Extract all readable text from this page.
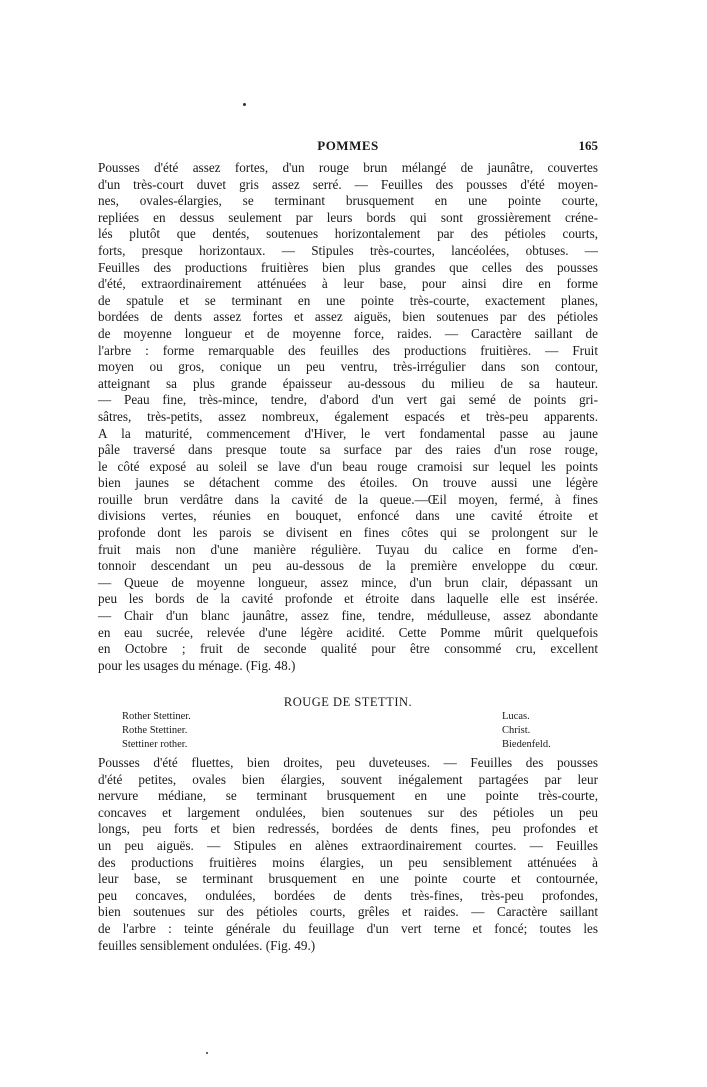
POMMES	165
Pousses d'été assez fortes, d'un rouge brun mélangé de jaunâtre, couvertes
d'un très-court duvet gris assez serré. — Feuilles des pousses d'été moyen-
nes, ovales-élargies, se terminant brusquement en une pointe courte,
repliées en dessus seulement par leurs bords qui sont grossièrement créne-
lés plutôt que dentés, soutenues horizontalement par des pétioles courts,
forts, presque horizontaux. — Stipules très-courtes, lancéolées, obtuses. —
Feuilles des productions fruitières bien plus grandes que celles des pousses
d'été, extraordinairement atténuées à leur base, pour ainsi dire en forme
de spatule et se terminant en une pointe très-courte, exactement planes,
bordées de dents assez fortes et assez aiguës, bien soutenues par des pétioles
de moyenne longueur et de moyenne force, raides. — Caractère saillant de
l'arbre : forme remarquable des feuilles des productions fruitières. — Fruit
moyen ou gros, conique un peu ventru, très-irrégulier dans son contour,
atteignant sa plus grande épaisseur au-dessous du milieu de sa hauteur.
— Peau fine, très-mince, tendre, d'abord d'un vert gai semé de points gri-
sâtres, très-petits, assez nombreux, également espacés et très-peu apparents.
A la maturité, commencement d'Hiver, le vert fondamental passe au jaune
pâle traversé dans presque toute sa surface par des raies d'un rose rouge,
le côté exposé au soleil se lave d'un beau rouge cramoisi sur lequel les points
bien jaunes se détachent comme des étoiles. On trouve aussi une légère
rouille brun verdâtre dans la cavité de la queue.—Œil moyen, fermé, à fines
divisions vertes, réunies en bouquet, enfoncé dans une cavité étroite et
profonde dont les parois se divisent en fines côtes qui se prolongent sur le
fruit mais non d'une manière régulière. Tuyau du calice en forme d'en-
tonnoir descendant un peu au-dessous de la première enveloppe du cœur.
— Queue de moyenne longueur, assez mince, d'un brun clair, dépassant un
peu les bords de la cavité profonde et étroite dans laquelle elle est insérée.
— Chair d'un blanc jaunâtre, assez fine, tendre, médulleuse, assez abondante
en eau sucrée, relevée d'une légère acidité. Cette Pomme mûrit quelquefois
en Octobre ; fruit de seconde qualité pour être consommé cru, excellent
pour les usages du ménage. (Fig. 48.)
ROUGE DE STETTIN.
Rother Stettiner.	Lucas.
Rothe Stettiner.	Christ.
Stettiner rother.	Biedenfeld.
Pousses d'été fluettes, bien droites, peu duveteuses. — Feuilles des pousses
d'été petites, ovales bien élargies, souvent inégalement partagées par leur
nervure médiane, se terminant brusquement en une pointe très-courte,
concaves et largement ondulées, bien soutenues sur des pétioles un peu
longs, peu forts et bien redressés, bordées de dents fines, peu profondes et
un peu aiguës. — Stipules en alènes extraordinairement courtes. — Feuilles
des productions fruitières moins élargies, un peu sensiblement atténuées à
leur base, se terminant brusquement en une pointe courte et contournée,
peu concaves, ondulées, bordées de dents très-fines, très-peu profondes,
bien soutenues sur des pétioles courts, grêles et raides. — Caractère saillant
de l'arbre : teinte générale du feuillage d'un vert terne et foncé; toutes les
feuilles sensiblement ondulées. (Fig. 49.)
